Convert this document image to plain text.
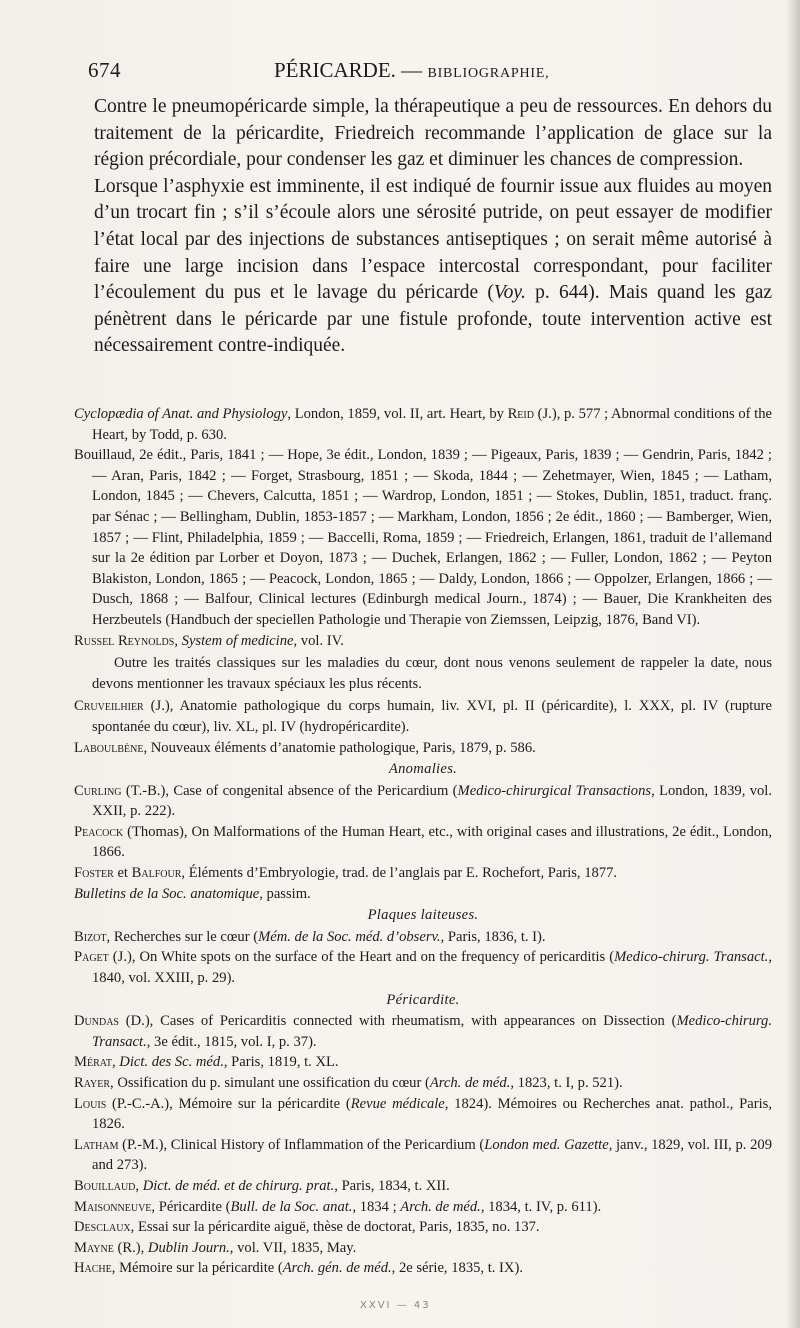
674	PÉRICARDE. — BIBLIOGRAPHIE,

Contre le pneumopéricarde simple, la thérapeutique a peu de ressources. En dehors du traitement de la péricardite, Friedreich recommande l’application de glace sur la région précordiale, pour condenser les gaz et diminuer les chances de compression.

Lorsque l’asphyxie est imminente, il est indiqué de fournir issue aux fluides au moyen d’un trocart fin ; s’il s’écoule alors une sérosité putride, on peut essayer de modifier l’état local par des injections de substances antiseptiques ; on serait même autorisé à faire une large incision dans l’espace intercostal correspondant, pour faciliter l’écoulement du pus et le lavage du péricarde (Voy. p. 644). Mais quand les gaz pénètrent dans le péricarde par une fistule profonde, toute intervention active est nécessairement contre-indiquée.

Cyclopædia of Anat. and Physiology, London, 1859, vol. II, art. Heart, by Reid (J.), p. 577 ; Abnormal conditions of the Heart, by Todd, p. 630.

Bouillaud, 2e édit., Paris, 1841 ; — Hope, 3e édit., London, 1839 ; — Pigeaux, Paris, 1839 ; — Gendrin, Paris, 1842 ; — Aran, Paris, 1842 ; — Forget, Strasbourg, 1851 ; — Skoda, 1844 ; — Zehetmayer, Wien, 1845 ; — Latham, London, 1845 ; — Chevers, Calcutta, 1851 ; — Wardrop, London, 1851 ; — Stokes, Dublin, 1851, traduct. franç. par Sénac ; — Bellingham, Dublin, 1853-1857 ; — Markham, London, 1856 ; 2e édit., 1860 ; — Bamberger, Wien, 1857 ; — Flint, Philadelphia, 1859 ; — Baccelli, Roma, 1859 ; — Friedreich, Erlangen, 1861, traduit de l’allemand sur la 2e édition par Lorber et Doyon, 1873 ; — Duchek, Erlangen, 1862 ; — Fuller, London, 1862 ; — Peyton Blakiston, London, 1865 ; — Peacock, London, 1865 ; — Daldy, London, 1866 ; — Oppolzer, Erlangen, 1866 ; — Dusch, 1868 ; — Balfour, Clinical lectures (Edinburgh medical Journ., 1874) ; — Bauer, Die Krankheiten des Herzbeutels (Handbuch der speciellen Pathologie und Therapie von Ziemssen, Leipzig, 1876, Band VI).

Russel Reynolds, System of medicine, vol. IV.

Outre les traités classiques sur les maladies du cœur, dont nous venons seulement de rappeler la date, nous devons mentionner les travaux spéciaux les plus récents.

Cruveilhier (J.), Anatomie pathologique du corps humain, liv. XVI, pl. II (péricardite), l. XXX, pl. IV (rupture spontanée du cœur), liv. XL, pl. IV (hydropéricardite).

Laboulbène, Nouveaux éléments d’anatomie pathologique, Paris, 1879, p. 586.

Anomalies.

Curling (T.-B.), Case of congenital absence of the Pericardium (Medico-chirurgical Transactions, London, 1839, vol. XXII, p. 222).

Peacock (Thomas), On Malformations of the Human Heart, etc., with original cases and illustrations, 2e édit., London, 1866.

Foster et Balfour, Éléments d’Embryologie, trad. de l’anglais par E. Rochefort, Paris, 1877.

Bulletins de la Soc. anatomique, passim.

Plaques laiteuses.

Bizot, Recherches sur le cœur (Mém. de la Soc. méd. d’observ., Paris, 1836, t. I).

Paget (J.), On White spots on the surface of the Heart and on the frequency of pericarditis (Medico-chirurg. Transact., 1840, vol. XXIII, p. 29).

Péricardite.

Dundas (D.), Cases of Pericarditis connected with rheumatism, with appearances on Dissection (Medico-chirurg. Transact., 3e édit., 1815, vol. I, p. 37).

Mérat, Dict. des Sc. méd., Paris, 1819, t. XL.

Rayer, Ossification du p. simulant une ossification du cœur (Arch. de méd., 1823, t. I, p. 521).

Louis (P.-C.-A.), Mémoire sur la péricardite (Revue médicale, 1824). Mémoires ou Recherches anat. pathol., Paris, 1826.

Latham (P.-M.), Clinical History of Inflammation of the Pericardium (London med. Gazette, janv., 1829, vol. III, p. 209 and 273).

Bouillaud, Dict. de méd. et de chirurg. prat., Paris, 1834, t. XII.

Maisonneuve, Péricardite (Bull. de la Soc. anat., 1834 ; Arch. de méd., 1834, t. IV, p. 611).

Desclaux, Essai sur la péricardite aiguë, thèse de doctorat, Paris, 1835, no. 137.

Mayne (R.), Dublin Journ., vol. VII, 1835, May.

Hache, Mémoire sur la péricardite (Arch. gén. de méd., 2e série, 1835, t. IX).

XXVI — 43
